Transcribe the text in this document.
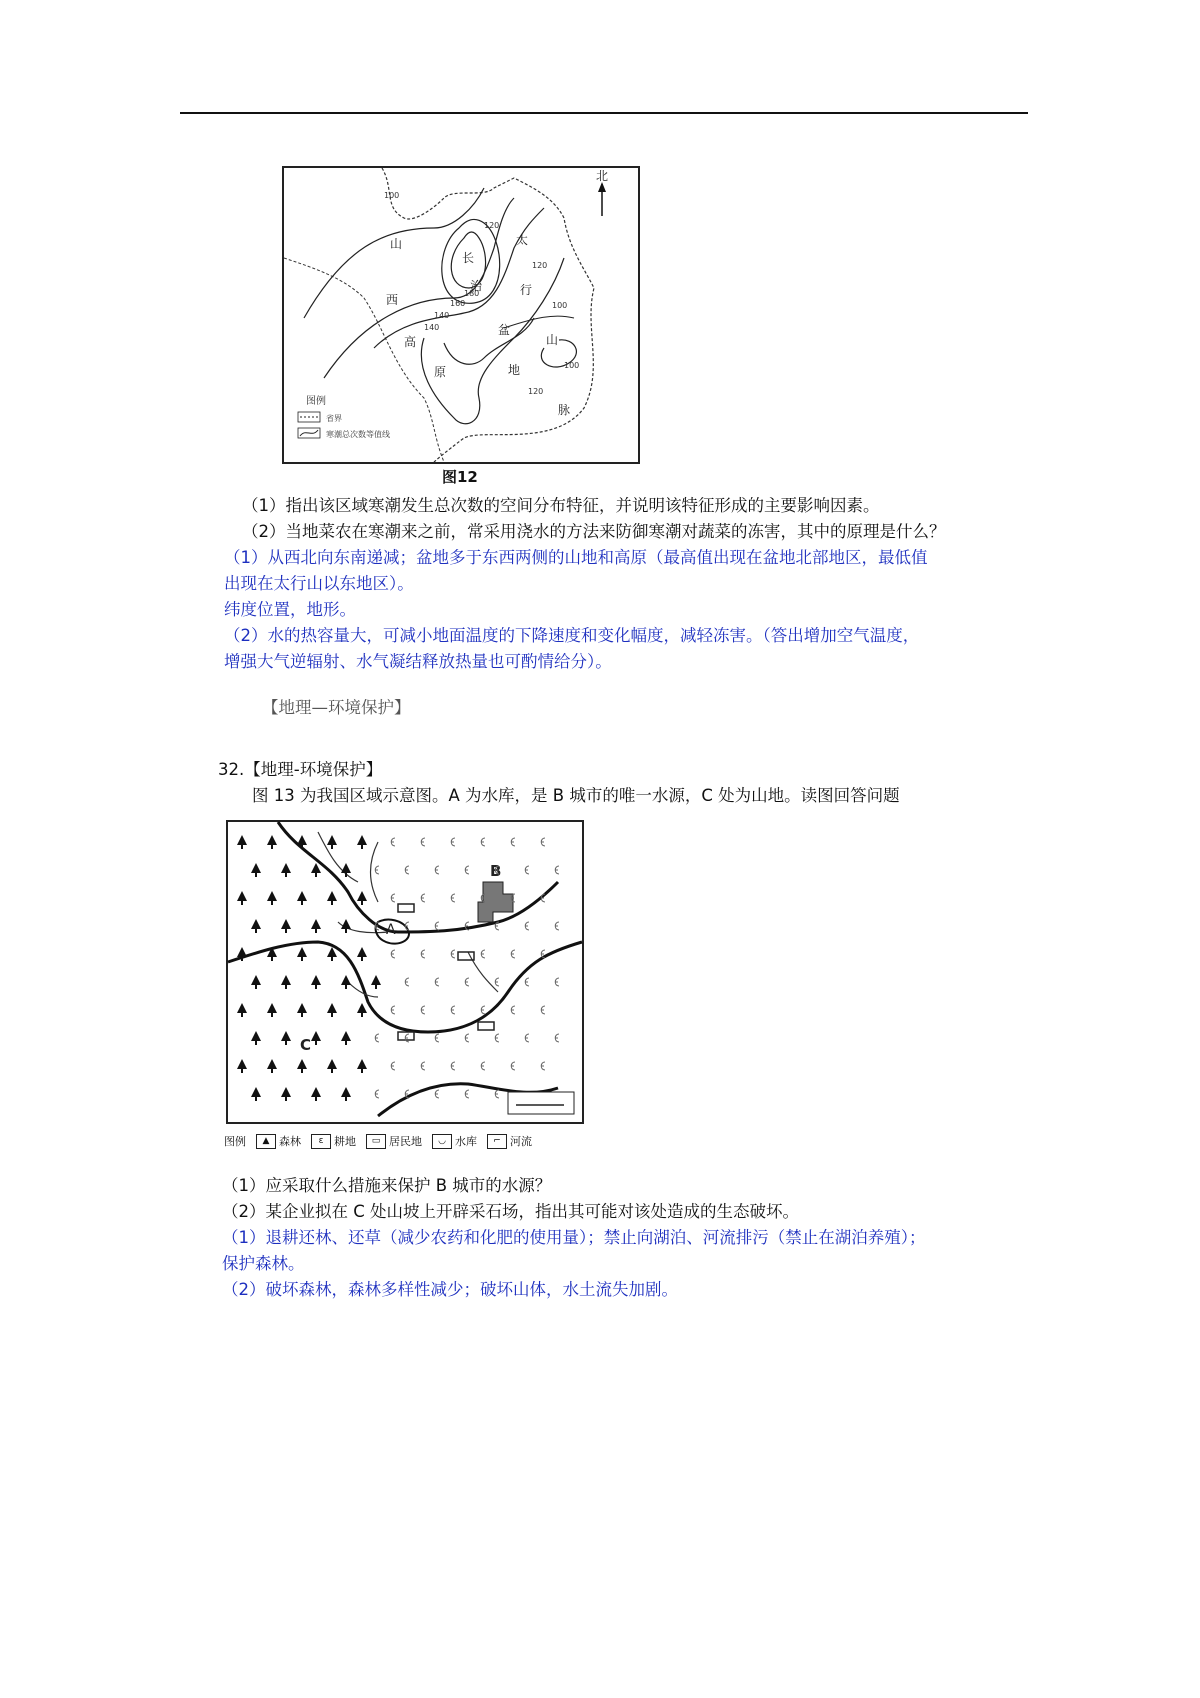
北
山
西
高
原
长
治
盆
地
太
行
山
脉
100
120
140
160
180
140
120
100
120
100
图例
省界
寒潮总次数等值线
图12
（1）指出该区域寒潮发生总次数的空间分布特征，并说明该特征形成的主要影响因素。
（2）当地菜农在寒潮来之前，常采用浇水的方法来防御寒潮对蔬菜的冻害，其中的原理是什么？
（1）从西北向东南递减；盆地多于东西两侧的山地和高原（最高值出现在盆地北部地区，最低值
出现在太行山以东地区）。
纬度位置，地形。
（2）水的热容量大，可减小地面温度的下降速度和变化幅度，减轻冻害。（答出增加空气温度，
增强大气逆辐射、水气凝结释放热量也可酌情给分）。
【地理—环境保护】
32.【地理-环境保护】
图 13 为我国区域示意图。A 为水库，是 B 城市的唯一水源，C 处为山地。读图回答问题
B
A
C
图例	▲ 森林	ɛ 耕地	▭ 居民地	◡ 水库	⌐ 河流
（1）应采取什么措施来保护 B 城市的水源？
（2）某企业拟在 C 处山坡上开辟采石场，指出其可能对该处造成的生态破坏。
（1）退耕还林、还草（减少农药和化肥的使用量）；禁止向湖泊、河流排污（禁止在湖泊养殖）；
保护森林。
（2）破坏森林，森林多样性减少；破坏山体，水土流失加剧。
